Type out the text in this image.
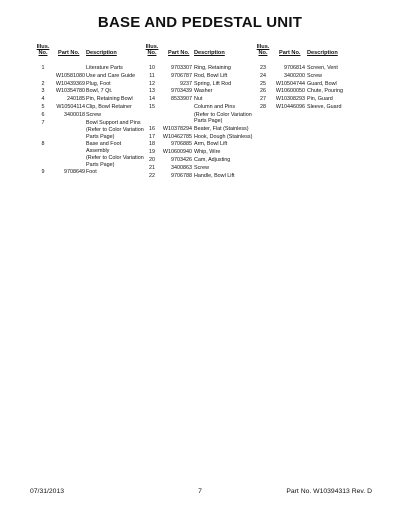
BASE AND PEDESTAL UNIT
Illus.
No.	Part No. Description
1	Literature Parts
W10581080 Use and Care Guide
2	W10439369 Plug, Foot
3	W10354780 Bowl, 7 Qt.
4	240185 Pin, Retaining Bowl
5	W10504114 Clip, Bowl Retainer
6	3400018 Screw
7	Bowl Support and Pins
(Refer to Color Variation
Parts Page)
8	Base and Foot
Assembly
(Refer to Color Variation
Parts Page)
9	9708649 Foot
Illus.
No.	Part No. Description
10	9703307 Ring, Retaining
11	9706787 Rod, Bowl Lift
12	9237 Spring, Lift Rod
13	9703439 Washer
14	8533907 Nut
15	Column and Pins
(Refer to Color Variation
Parts Page)
16	W10378294 Beater, Flat (Stainless)
17	W10462785 Hook, Dough (Stainless)
18	9706885 Arm, Bowl Lift
19	W10600940 Whip, Wire
20	9703426 Cam, Adjusting
21	3400863 Screw
22	9706788 Handle, Bowl Lift
Illus.
No.	Part No. Description
23	9706814 Screen, Vent
24	3400200 Screw
25	W10504744 Guard, Bowl
26	W10600050 Chute, Pouring
27	W10308293 Pin, Guard
28	W10446096 Sleeve, Guard
07/31/2013	7	Part No. W10394313 Rev. D
